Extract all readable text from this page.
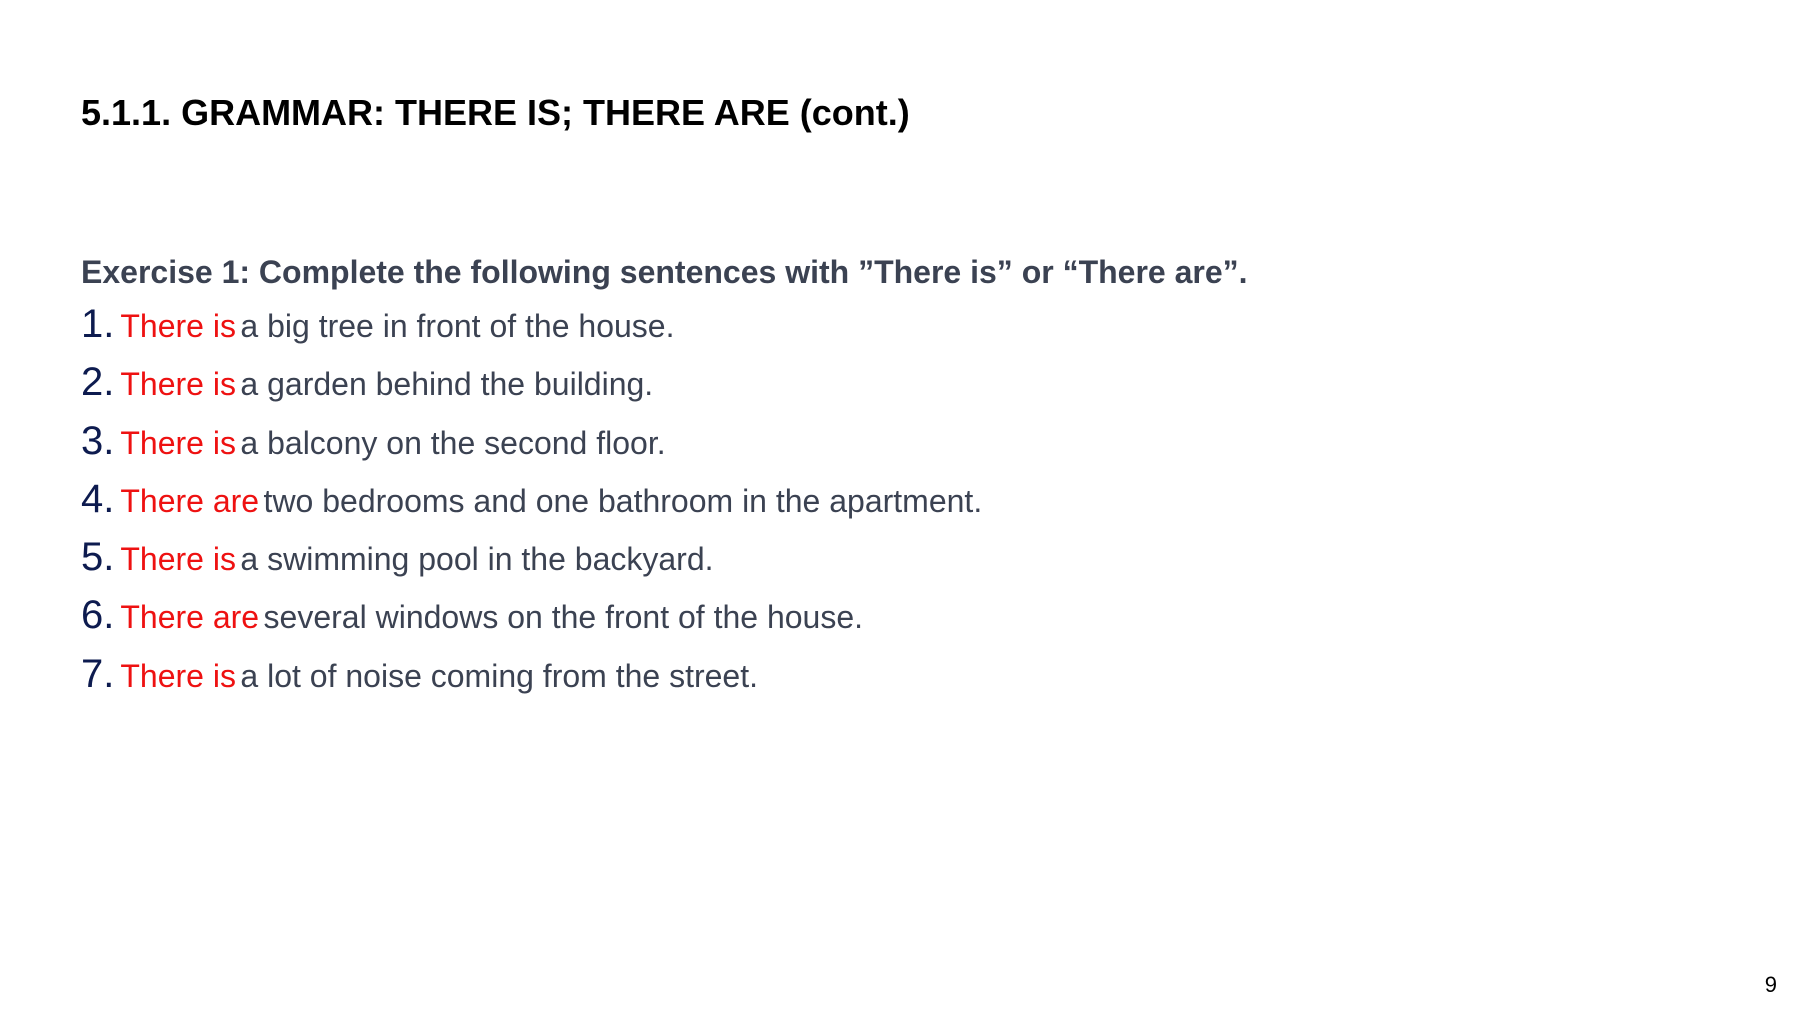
5.1.1. GRAMMAR: THERE IS; THERE ARE (cont.)

Exercise 1: Complete the following sentences with ”There is” or “There are”.

1. There is
a big tree in front of the house.
2. There is
a garden behind the building.
3. There is
a balcony on the second floor.
4. There are
two bedrooms and one bathroom in the apartment.
5. There is
a swimming pool in the backyard.
6. There are
several windows on the front of the house.
7. There is
a lot of noise coming from the street.
9
